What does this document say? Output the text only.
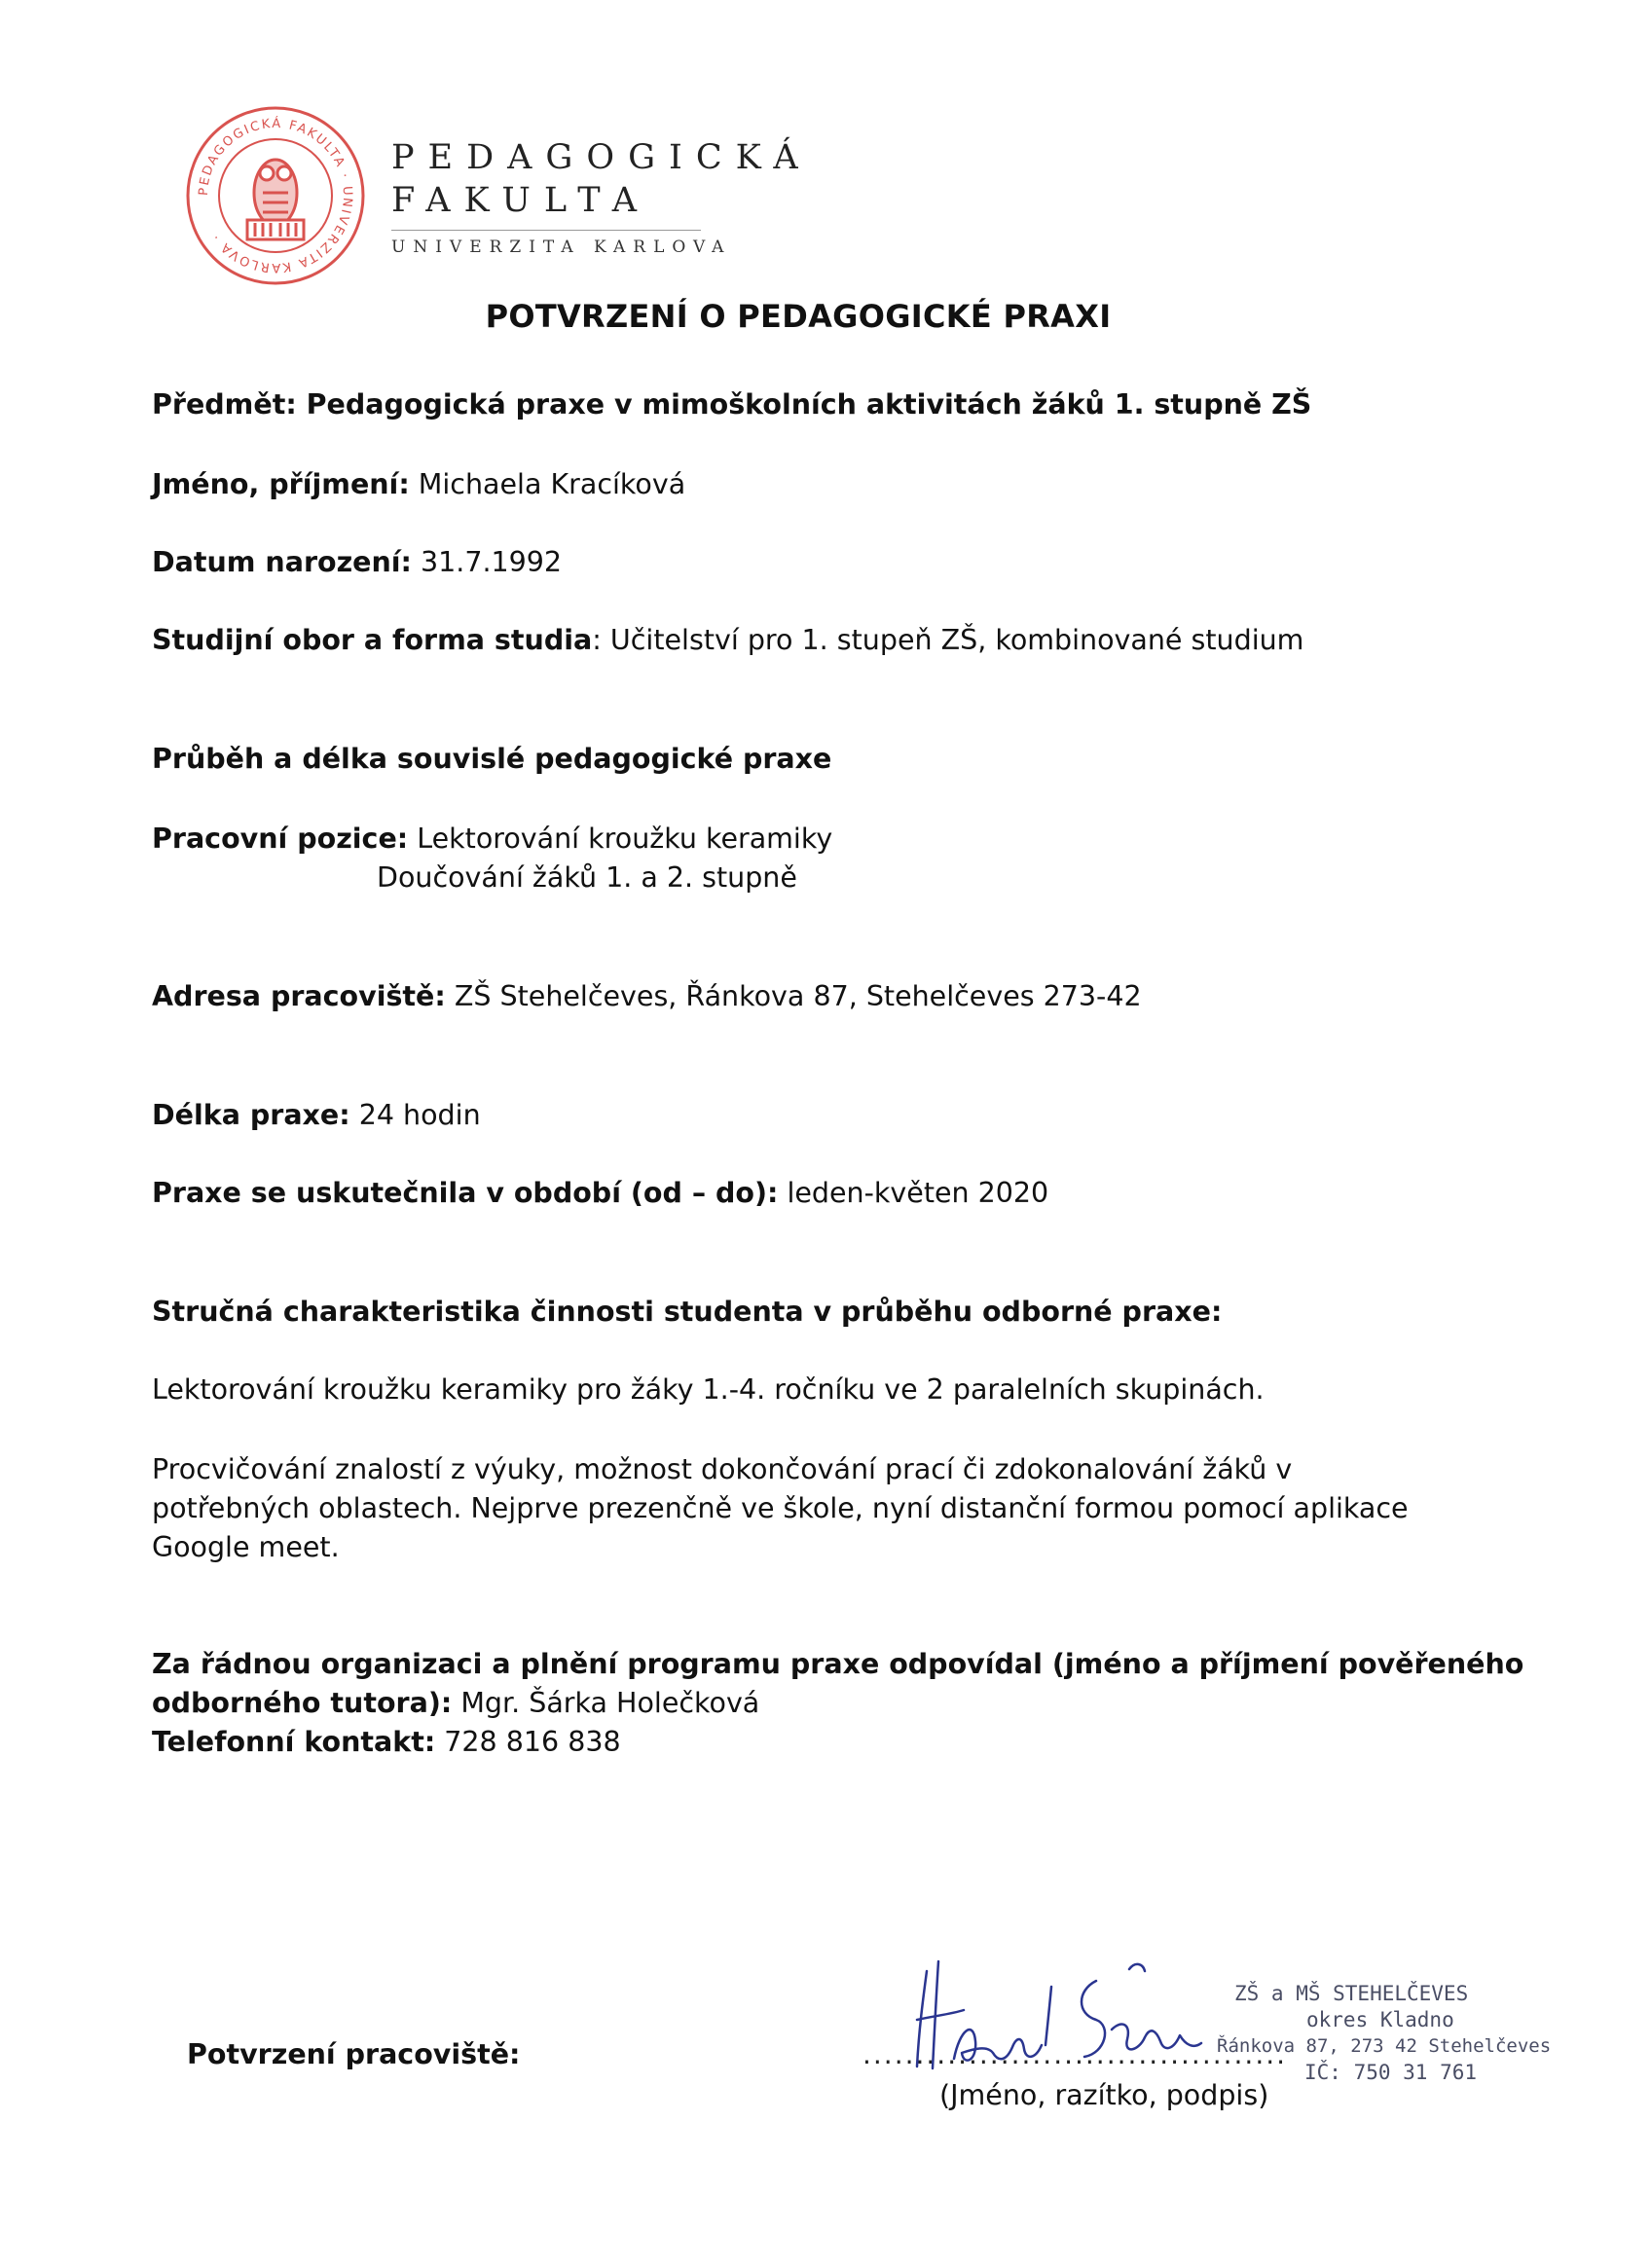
PEDAGOGICKÁ FAKULTA · UNIVERZITA KARLOVA ·
PEDAGOGICKÁ
FAKULTA
UNIVERZITA KARLOVA
POTVRZENÍ O PEDAGOGICKÉ PRAXI
Předmět: Pedagogická praxe v mimoškolních aktivitách žáků 1. stupně ZŠ
Jméno, příjmení: Michaela Kracíková
Datum narození: 31.7.1992
Studijní obor a forma studia: Učitelství pro 1. stupeň ZŠ, kombinované studium
Průběh a délka souvislé pedagogické praxe
Pracovní pozice: Lektorování kroužku keramiky
Doučování žáků 1. a 2. stupně
Adresa pracoviště: ZŠ Stehelčeves, Řánkova 87, Stehelčeves 273-42
Délka praxe: 24 hodin
Praxe se uskutečnila v období (od – do): leden-květen 2020
Stručná charakteristika činnosti studenta v průběhu odborné praxe:
Lektorování kroužku keramiky pro žáky 1.-4. ročníku ve 2 paralelních skupinách.
Procvičování znalostí z výuky, možnost dokončování prací či zdokonalování žáků v
potřebných oblastech. Nejprve prezenčně ve škole, nyní distanční formou pomocí aplikace
Google meet.
Za řádnou organizaci a plnění programu praxe odpovídal (jméno a příjmení pověřeného
odborného tutora): Mgr. Šárka Holečková
Telefonní kontakt: 728 816 838
Potvrzení pracoviště:	........................................
(Jméno, razítko, podpis)
ZŠ a MŠ STEHELČEVES
okres Kladno
Řánkova 87, 273 42 Stehelčeves
IČ: 750 31 761
